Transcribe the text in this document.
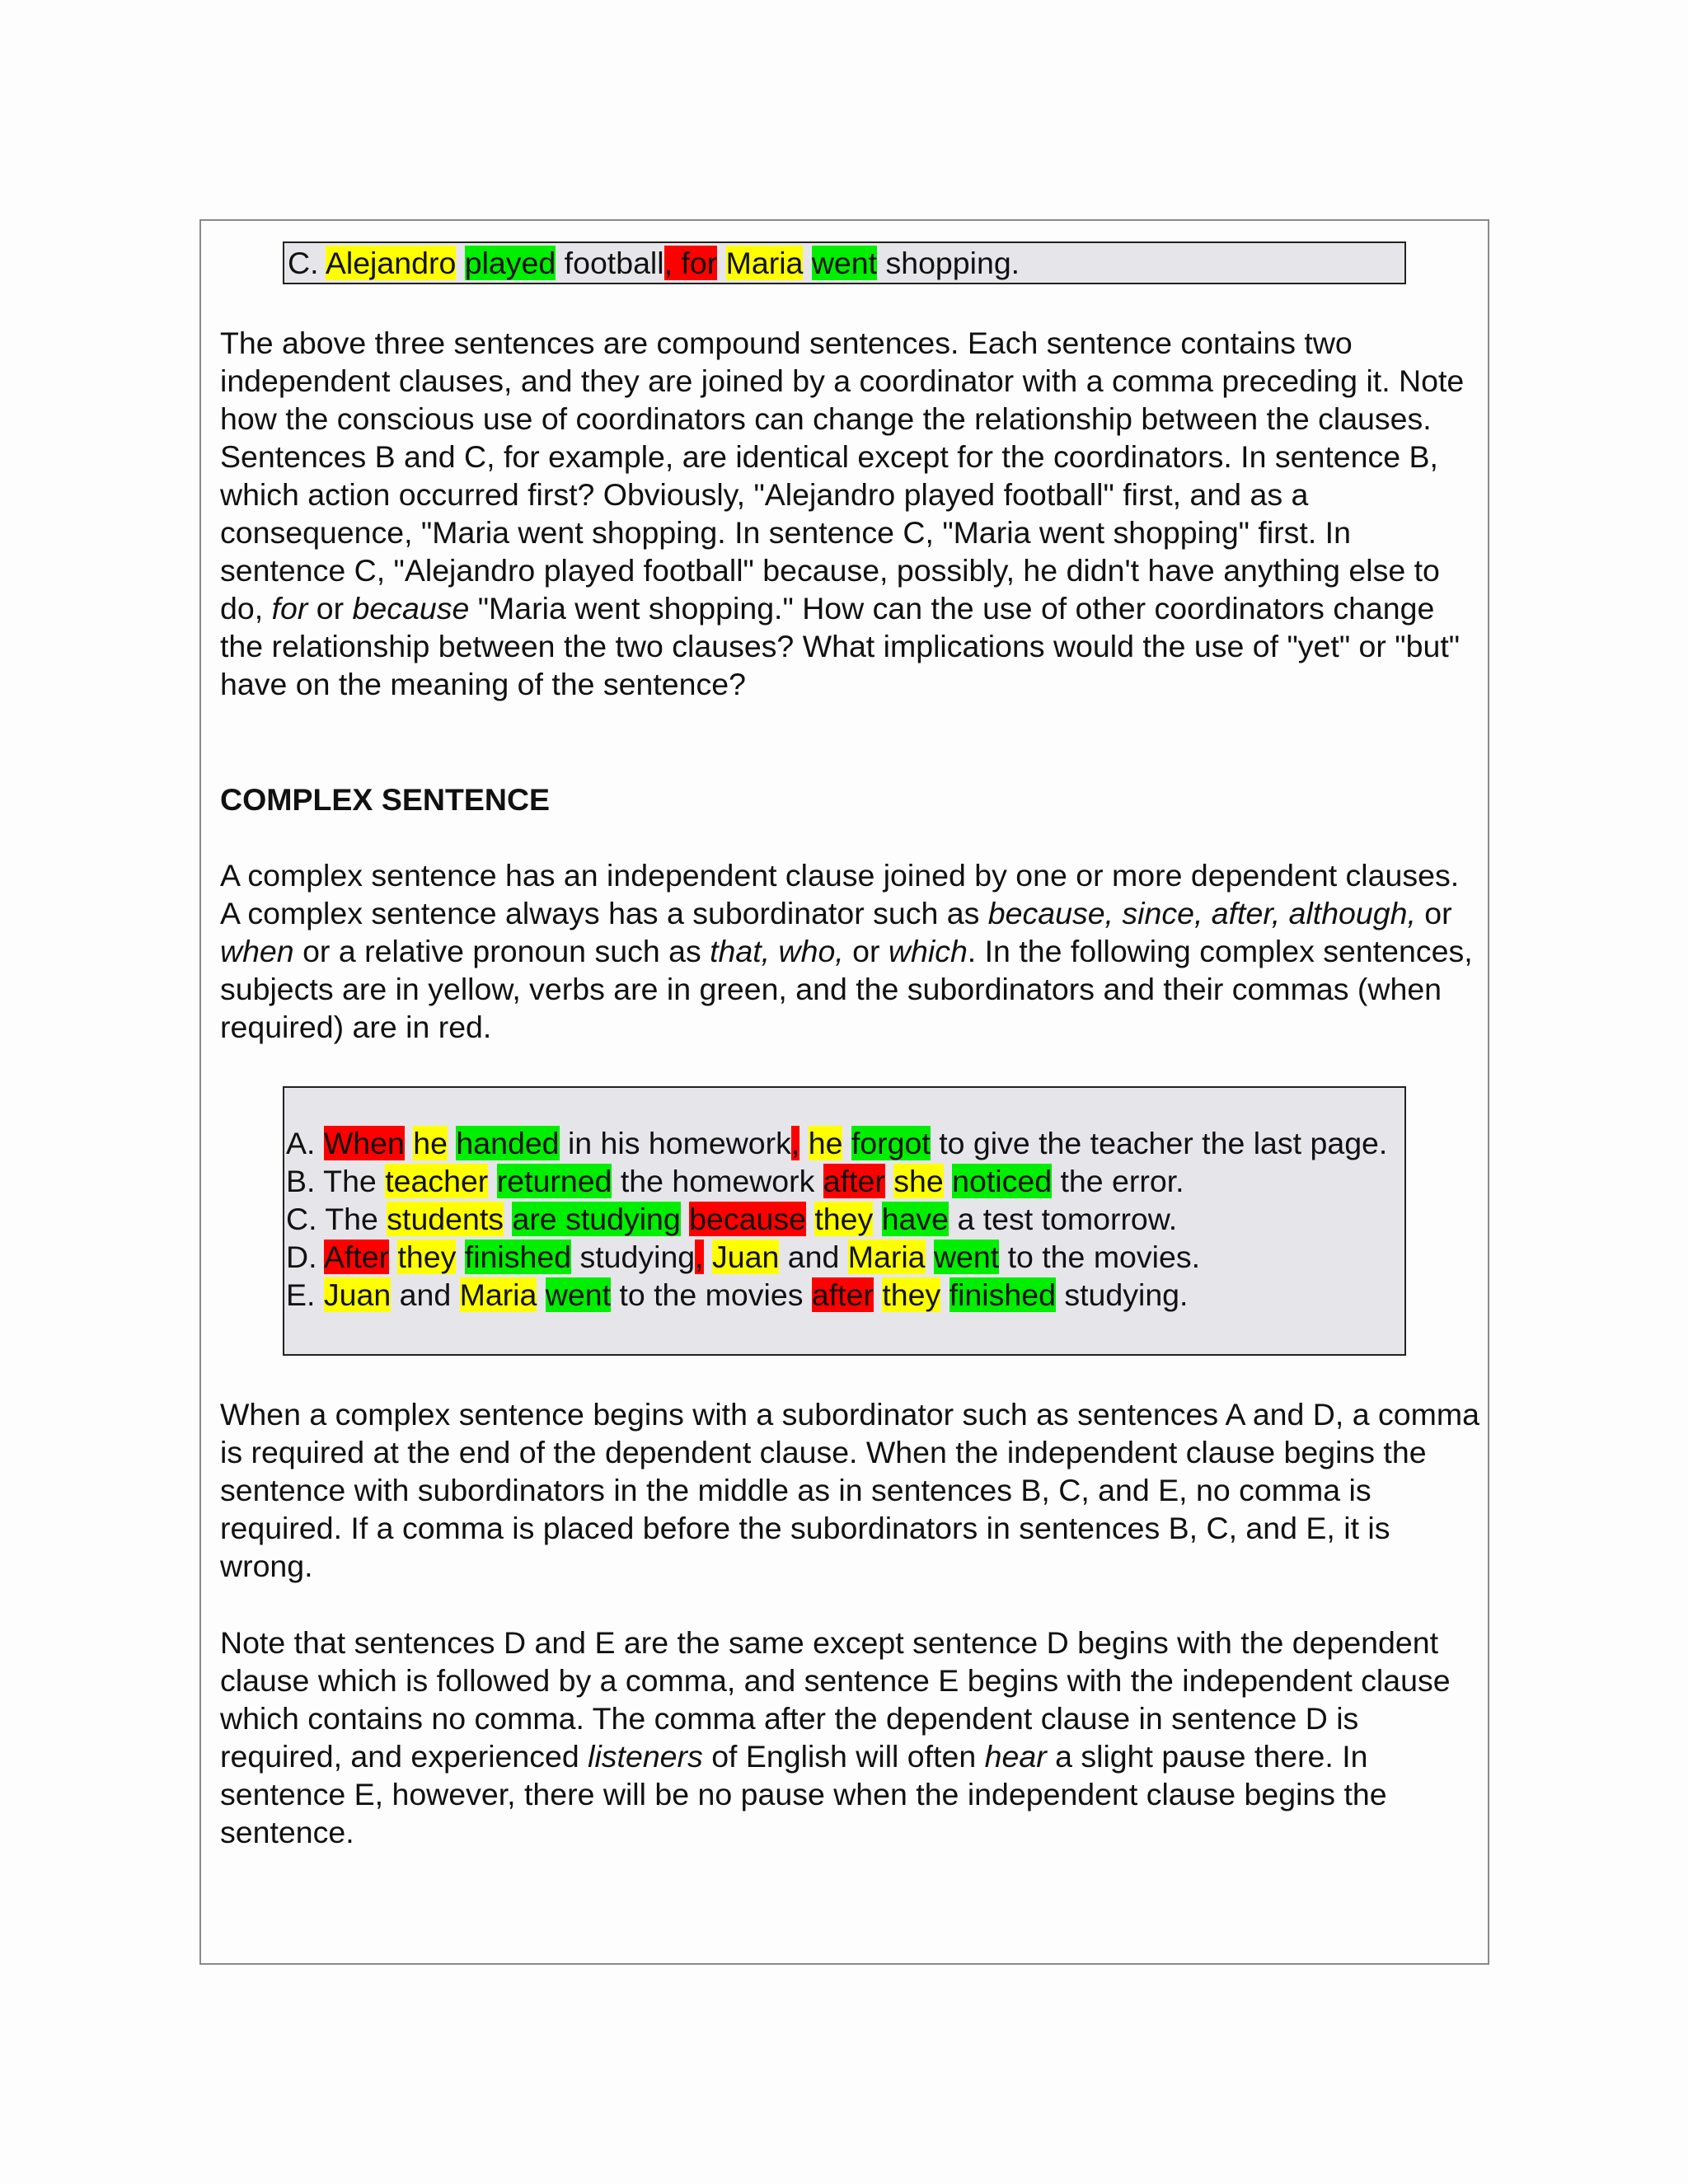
C. Alejandro played football, for Maria went shopping.
The above three sentences are compound sentences. Each sentence contains two independent clauses, and they are joined by a coordinator with a comma preceding it. Note how the conscious use of coordinators can change the relationship between the clauses. Sentences B and C, for example, are identical except for the coordinators. In sentence B, which action occurred first? Obviously, "Alejandro played football" first, and as a consequence, "Maria went shopping. In sentence C, "Maria went shopping" first. In sentence C, "Alejandro played football" because, possibly, he didn't have anything else to do, for or because "Maria went shopping." How can the use of other coordinators change the relationship between the two clauses? What implications would the use of "yet" or "but" have on the meaning of the sentence?
COMPLEX SENTENCE
A complex sentence has an independent clause joined by one or more dependent clauses. A complex sentence always has a subordinator such as because, since, after, although, or when or a relative pronoun such as that, who, or which. In the following complex sentences, subjects are in yellow, verbs are in green, and the subordinators and their commas (when required) are in red.
A. When he handed in his homework, he forgot to give the teacher the last page.
B. The teacher returned the homework after she noticed the error.
C. The students are studying because they have a test tomorrow.
D. After they finished studying, Juan and Maria went to the movies.
E. Juan and Maria went to the movies after they finished studying.
When a complex sentence begins with a subordinator such as sentences A and D, a comma is required at the end of the dependent clause. When the independent clause begins the sentence with subordinators in the middle as in sentences B, C, and E, no comma is required. If a comma is placed before the subordinators in sentences B, C, and E, it is wrong.
Note that sentences D and E are the same except sentence D begins with the dependent clause which is followed by a comma, and sentence E begins with the independent clause which contains no comma. The comma after the dependent clause in sentence D is required, and experienced listeners of English will often hear a slight pause there. In sentence E, however, there will be no pause when the independent clause begins the sentence.
